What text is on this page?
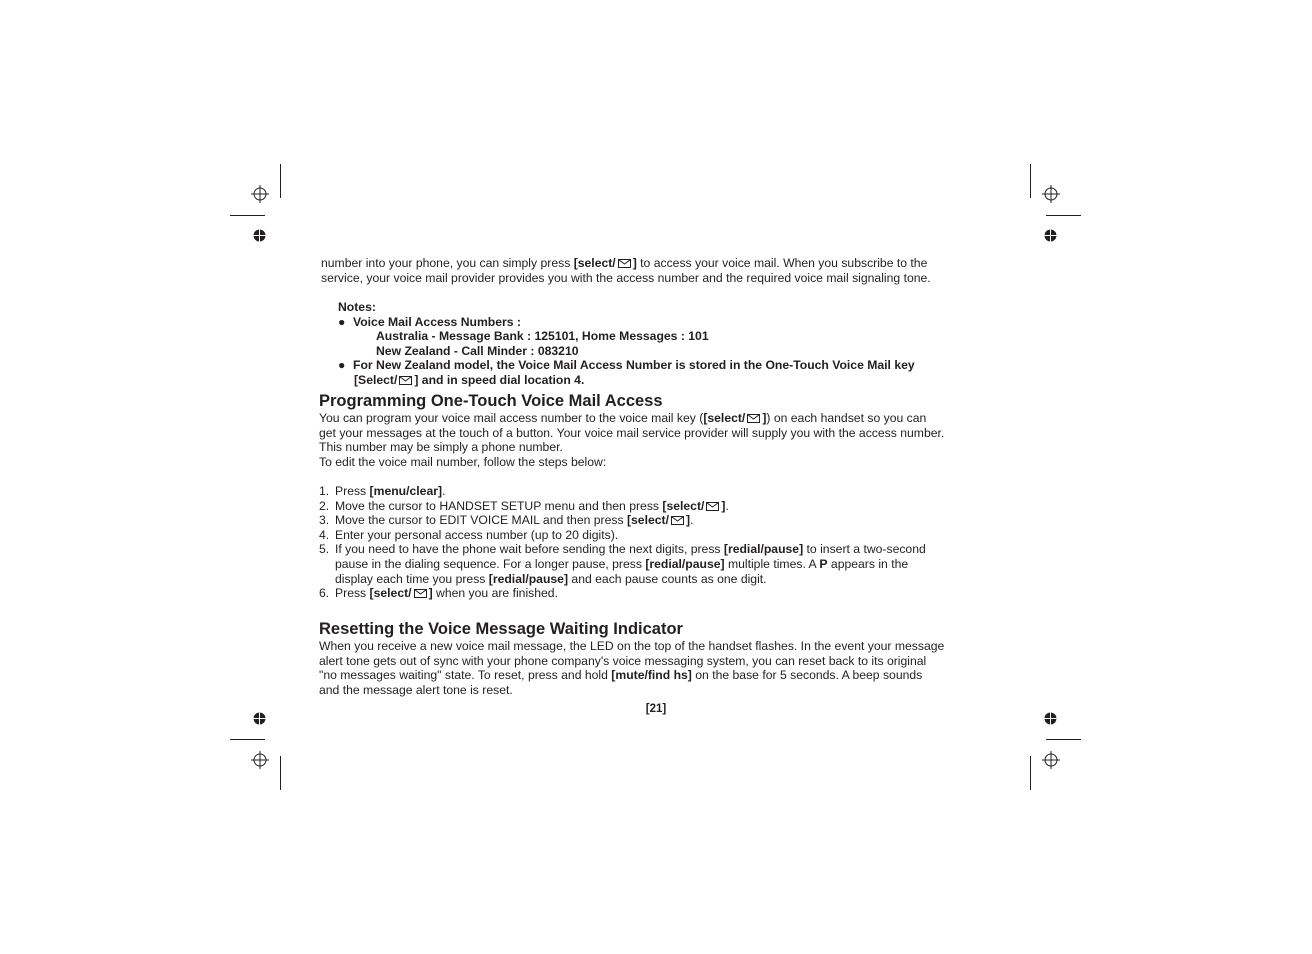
number into your phone, you can simply press [select/ ] to access your voice mail. When you subscribe to the

service, your voice mail provider provides you with the access number and the required voice mail signaling tone.

Notes:
● Voice Mail Access Numbers :
Australia - Message Bank : 125101, Home Messages : 101
New Zealand - Call Minder : 083210
● For New Zealand model, the Voice Mail Access Number is stored in the One-Touch Voice Mail key
[Select/ ] and in speed dial location 4.
Programming One-Touch Voice Mail Access

You can program your voice mail access number to the voice mail key ([select/ ]) on each handset so you can

get your messages at the touch of a button. Your voice mail service provider will supply you with the access number.

This number may be simply a phone number.

To edit the voice mail number, follow the steps below:

1. Press [menu/clear].
2. Move the cursor to HANDSET SETUP menu and then press [select/ ].
3. Move the cursor to EDIT VOICE MAIL and then press [select/ ].
4. Enter your personal access number (up to 20 digits).
5. If you need to have the phone wait before sending the next digits, press [redial/pause] to insert a two-second
pause in the dialing sequence. For a longer pause, press [redial/pause] multiple times. A P appears in the
display each time you press [redial/pause] and each pause counts as one digit.
6. Press [select/ ] when you are finished.
Resetting the Voice Message Waiting Indicator

When you receive a new voice mail message, the LED on the top of the handset flashes. In the event your message

alert tone gets out of sync with your phone company's voice messaging system, you can reset back to its original

"no messages waiting" state. To reset, press and hold [mute/find hs] on the base for 5 seconds. A beep sounds

and the message alert tone is reset.

[21]
